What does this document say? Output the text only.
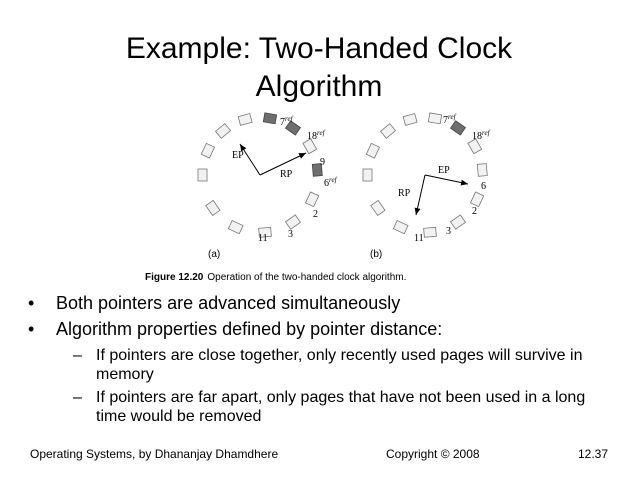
Example: Two-Handed Clock
Algorithm
EP
RP
$7^{ref}$
$18^{ref}$
9
$6^{ref}$
2
3
11
(a)
EP
RP
$7^{ref}$
$18^{ref}$
6
2
3
11
(b)
Figure 12.20 Operation of the two-handed clock algorithm.
• Both pointers are advanced simultaneously
• Algorithm properties defined by pointer distance:
– If pointers are close together, only recently used pages will survive in memory
– If pointers are far apart, only pages that have not been used in a long time would be removed
Operating Systems, by Dhananjay Dhamdhere	Copyright © 2008	12.37
